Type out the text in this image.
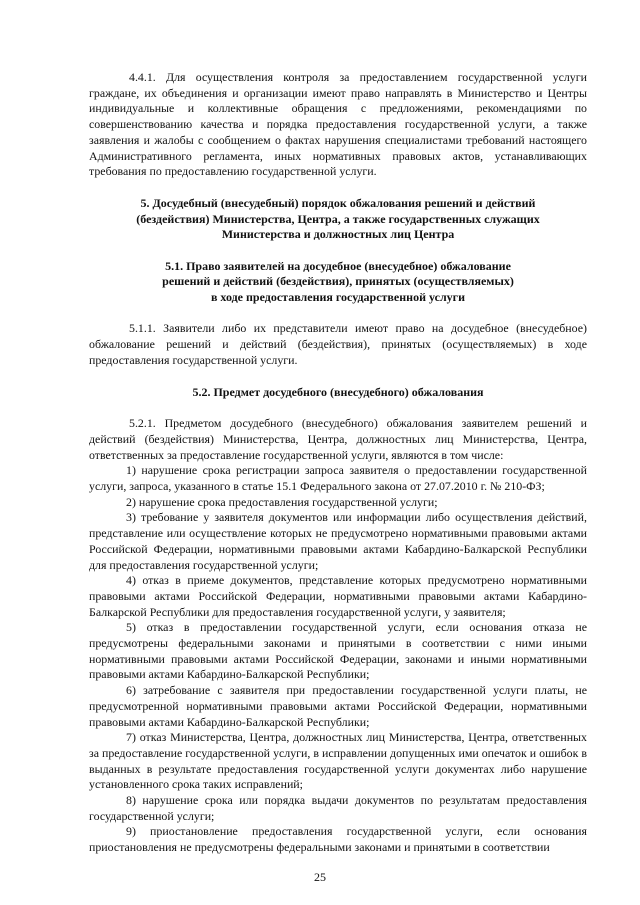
4.4.1. Для осуществления контроля за предоставлением государственной услуги граждане, их объединения и организации имеют право направлять в Министерство и Центры индивидуальные и коллективные обращения с предложениями, рекомендациями по совершенствованию качества и порядка предоставления государственной услуги, а также заявления и жалобы с сообщением о фактах нарушения специалистами требований настоящего Административного регламента, иных нормативных правовых актов, устанавливающих требования по предоставлению государственной услуги.

5. Досудебный (внесудебный) порядок обжалования решений и действий

(бездействия) Министерства, Центра, а также государственных служащих

Министерства и должностных лиц Центра

5.1. Право заявителей на досудебное (внесудебное) обжалование

решений и действий (бездействия), принятых (осуществляемых)

в ходе предоставления государственной услуги

5.1.1. Заявители либо их представители имеют право на досудебное (внесудебное) обжалование решений и действий (бездействия), принятых (осуществляемых) в ходе предоставления государственной услуги.

5.2. Предмет досудебного (внесудебного) обжалования

5.2.1. Предметом досудебного (внесудебного) обжалования заявителем решений и действий (бездействия) Министерства, Центра, должностных лиц Министерства, Центра, ответственных за предоставление государственной услуги, являются в том числе:

1) нарушение срока регистрации запроса заявителя о предоставлении государственной услуги, запроса, указанного в статье 15.1 Федерального закона от 27.07.2010 г. № 210-ФЗ;

2) нарушение срока предоставления государственной услуги;

3) требование у заявителя документов или информации либо осуществления действий, представление или осуществление которых не предусмотрено нормативными правовыми актами Российской Федерации, нормативными правовыми актами Кабардино-Балкарской Республики для предоставления государственной услуги;

4) отказ в приеме документов, представление которых предусмотрено нормативными правовыми актами Российской Федерации, нормативными правовыми актами Кабардино-Балкарской Республики для предоставления государственной услуги, у заявителя;

5) отказ в предоставлении государственной услуги, если основания отказа не предусмотрены федеральными законами и принятыми в соответствии с ними иными нормативными правовыми актами Российской Федерации, законами и иными нормативными правовыми актами Кабардино-Балкарской Республики;

6) затребование с заявителя при предоставлении государственной услуги платы, не предусмотренной нормативными правовыми актами Российской Федерации, нормативными правовыми актами Кабардино-Балкарской Республики;

7) отказ Министерства, Центра, должностных лиц Министерства, Центра, ответственных за предоставление государственной услуги, в исправлении допущенных ими опечаток и ошибок в выданных в результате предоставления государственной услуги документах либо нарушение установленного срока таких исправлений;

8) нарушение срока или порядка выдачи документов по результатам предоставления государственной услуги;

9) приостановление предоставления государственной услуги, если основания приостановления не предусмотрены федеральными законами и принятыми в соответствии

25
